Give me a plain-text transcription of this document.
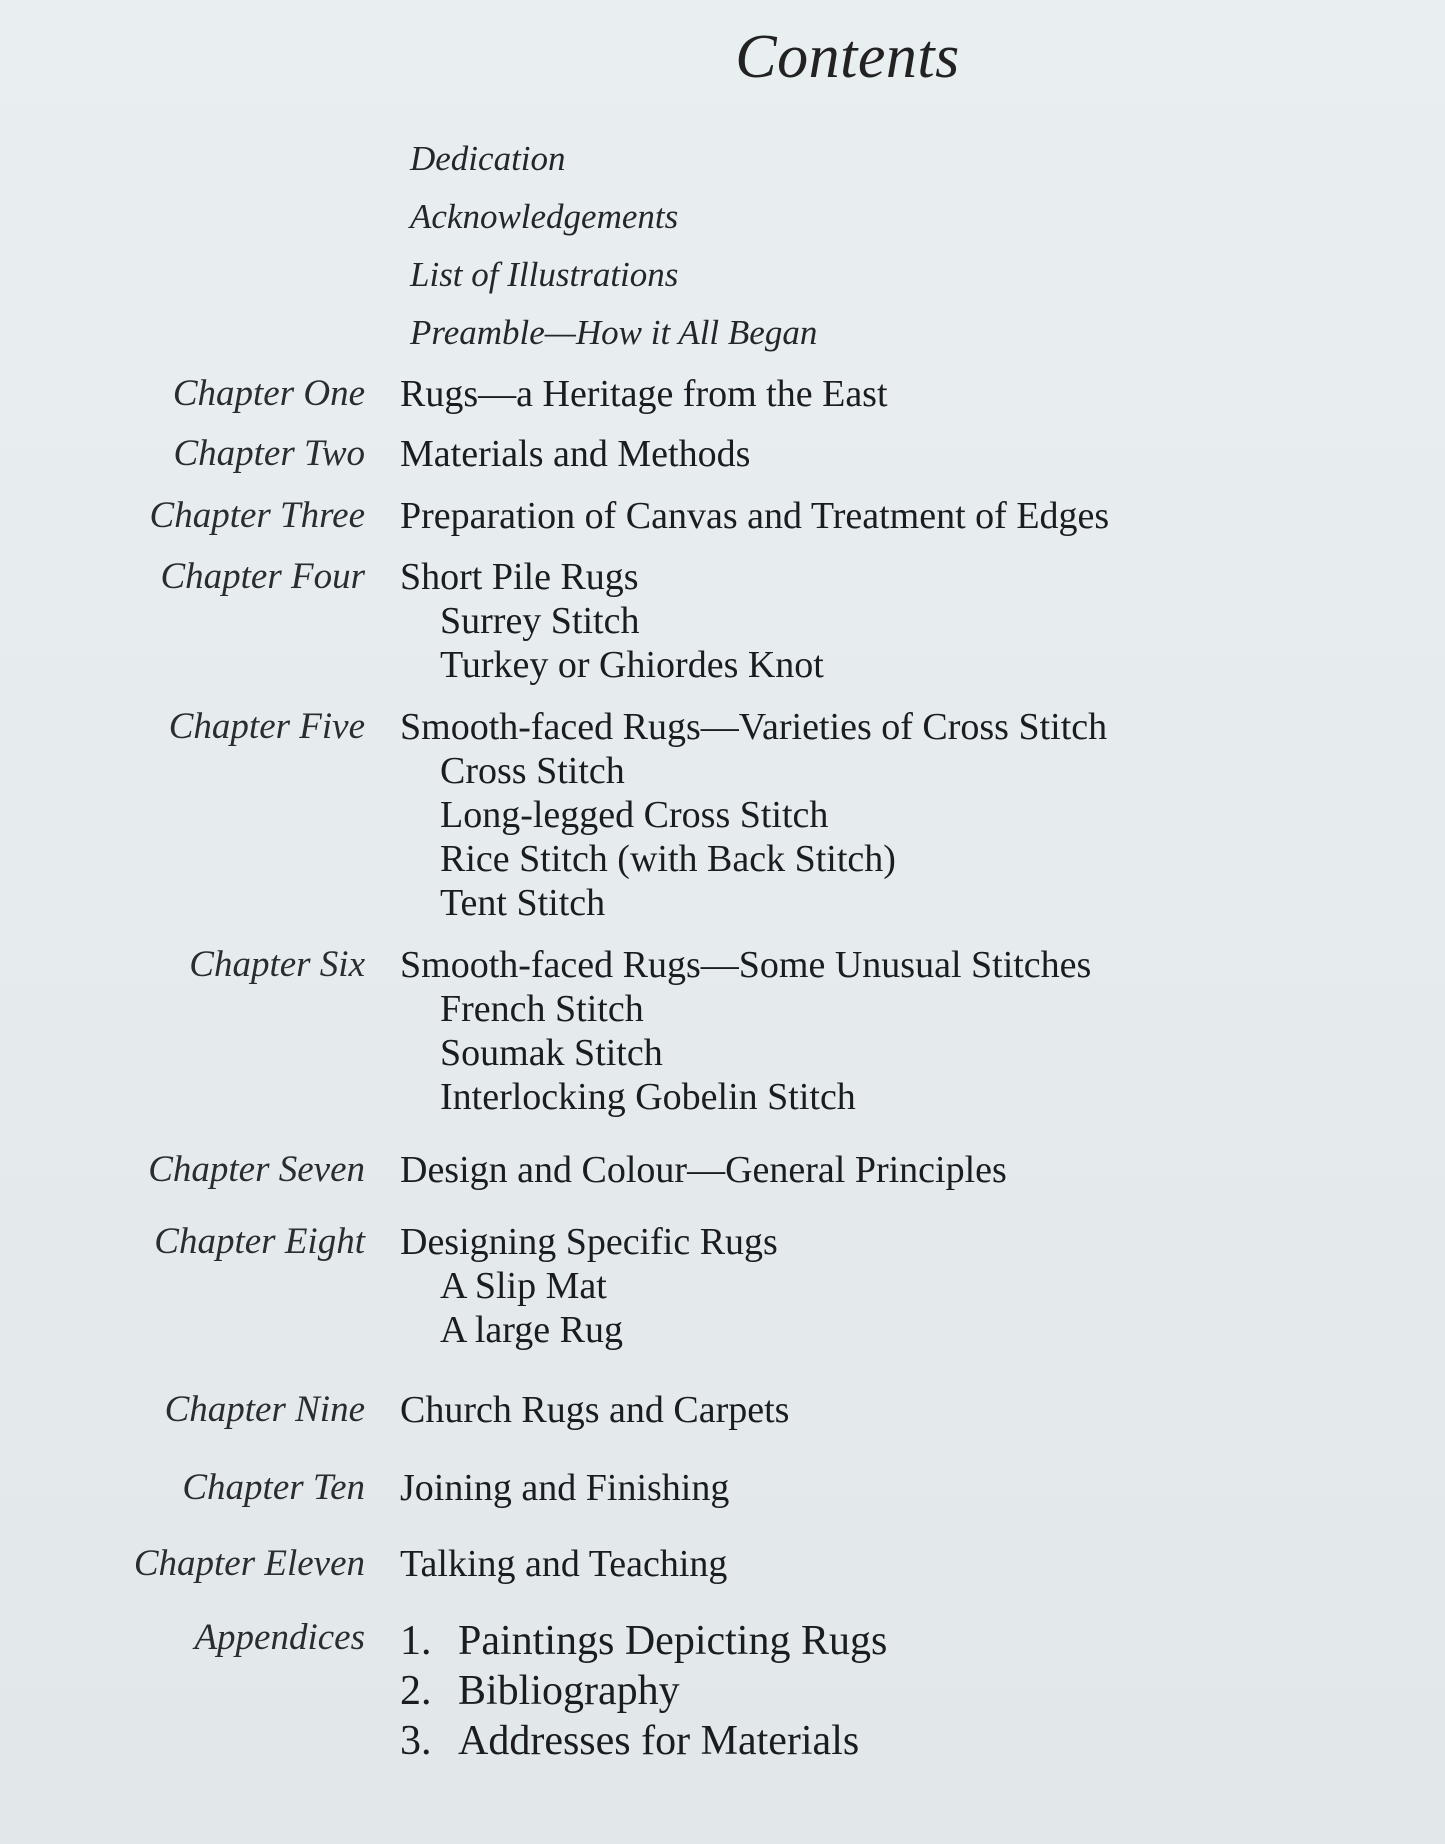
Contents
Dedication
Acknowledgements
List of Illustrations
Preamble—How it All Began
Chapter One Rugs—a Heritage from the East
Chapter Two Materials and Methods
Chapter Three Preparation of Canvas and Treatment of Edges
Chapter Four Short Pile Rugs
Surrey Stitch
Turkey or Ghiordes Knot
Chapter Five Smooth-faced Rugs—Varieties of Cross Stitch
Cross Stitch
Long-legged Cross Stitch
Rice Stitch (with Back Stitch)
Tent Stitch
Chapter Six Smooth-faced Rugs—Some Unusual Stitches
French Stitch
Soumak Stitch
Interlocking Gobelin Stitch
Chapter Seven Design and Colour—General Principles
Chapter Eight Designing Specific Rugs
A Slip Mat
A large Rug
Chapter Nine Church Rugs and Carpets
Chapter Ten Joining and Finishing
Chapter Eleven Talking and Teaching
Appendices 1. Paintings Depicting Rugs
2. Bibliography
3. Addresses for Materials
